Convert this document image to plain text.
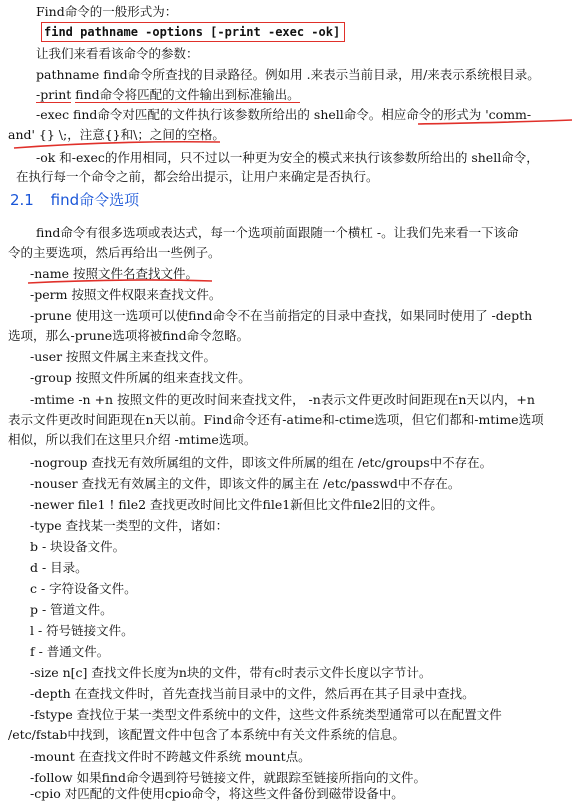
Find命令的一般形式为：
find pathname -options [-print -exec -ok]
让我们来看看该命令的参数：
pathname find命令所查找的目录路径。例如用 .来表示当前目录，用/来表示系统根目录。
-print find命令将匹配的文件输出到标准输出。
-exec find命令对匹配的文件执行该参数所给出的 shell命令。相应命令的形式为 'comm-
and' {} \;，注意{}和\；之间的空格。
-ok 和-exec的作用相同，只不过以一种更为安全的模式来执行该参数所给出的 shell命令，
在执行每一个命令之前，都会给出提示，让用户来确定是否执行。
2.1 find命令选项
find命令有很多选项或表达式，每一个选项前面跟随一个横杠 -。让我们先来看一下该命
令的主要选项，然后再给出一些例子。
-name 按照文件名查找文件。
-perm 按照文件权限来查找文件。
-prune 使用这一选项可以使find命令不在当前指定的目录中查找，如果同时使用了 -depth
选项，那么-prune选项将被find命令忽略。
-user 按照文件属主来查找文件。
-group 按照文件所属的组来查找文件。
-mtime -n +n 按照文件的更改时间来查找文件， -n表示文件更改时间距现在n天以内，+n
表示文件更改时间距现在n天以前。Find命令还有-atime和-ctime选项，但它们都和-mtime选项
相似，所以我们在这里只介绍 -mtime选项。
-nogroup 查找无有效所属组的文件，即该文件所属的组在 /etc/groups中不存在。
-nouser 查找无有效属主的文件，即该文件的属主在 /etc/passwd中不存在。
-newer file1 ! file2 查找更改时间比文件file1新但比文件file2旧的文件。
-type 查找某一类型的文件，诸如：
b - 块设备文件。
d - 目录。
c - 字符设备文件。
p - 管道文件。
l - 符号链接文件。
f - 普通文件。
-size n[c] 查找文件长度为n块的文件，带有c时表示文件长度以字节计。
-depth 在查找文件时，首先查找当前目录中的文件，然后再在其子目录中查找。
-fstype 查找位于某一类型文件系统中的文件，这些文件系统类型通常可以在配置文件
/etc/fstab中找到，该配置文件中包含了本系统中有关文件系统的信息。
-mount 在查找文件时不跨越文件系统 mount点。
-follow 如果find命令遇到符号链接文件，就跟踪至链接所指向的文件。
-cpio 对匹配的文件使用cpio命令，将这些文件备份到磁带设备中。
